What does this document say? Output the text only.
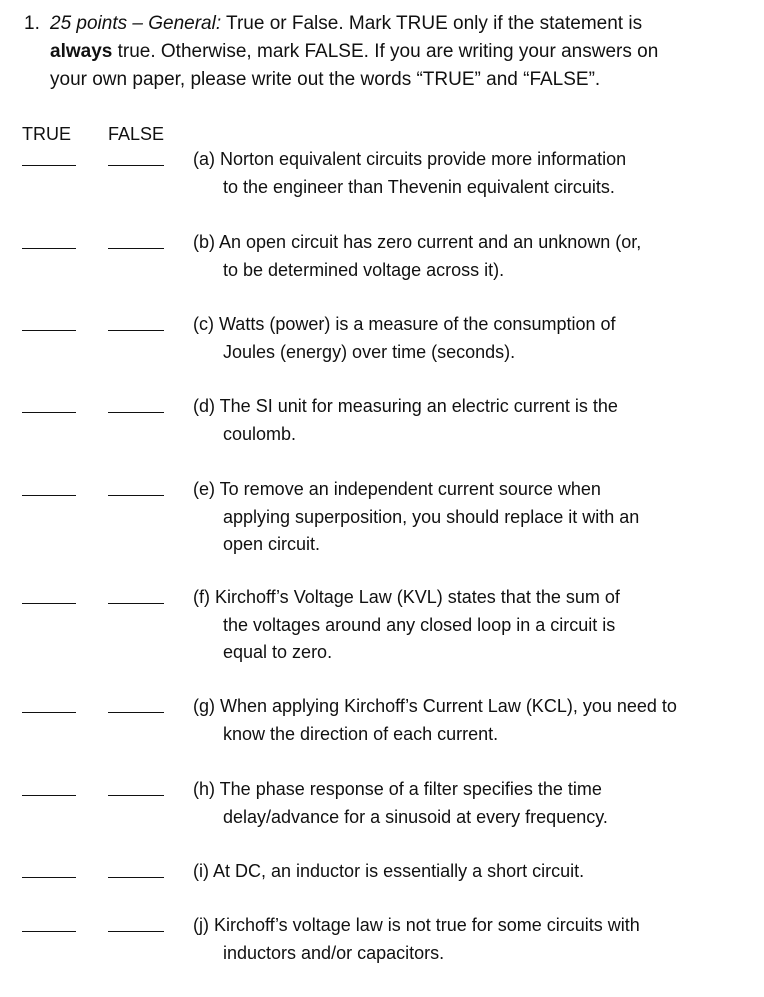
1. 25 points – General: True or False. Mark TRUE only if the statement is
always true. Otherwise, mark FALSE. If you are writing your answers on
your own paper, please write out the words “TRUE” and “FALSE”.
TRUE FALSE
(a) Norton equivalent circuits provide more information
to the engineer than Thevenin equivalent circuits.
(b) An open circuit has zero current and an unknown (or,
to be determined voltage across it).
(c) Watts (power) is a measure of the consumption of
Joules (energy) over time (seconds).
(d) The SI unit for measuring an electric current is the
coulomb.
(e) To remove an independent current source when
applying superposition, you should replace it with an
open circuit.
(f) Kirchoff’s Voltage Law (KVL) states that the sum of
the voltages around any closed loop in a circuit is
equal to zero.
(g) When applying Kirchoff’s Current Law (KCL), you need to
know the direction of each current.
(h) The phase response of a filter specifies the time
delay/advance for a sinusoid at every frequency.
(i) At DC, an inductor is essentially a short circuit.
(j) Kirchoff’s voltage law is not true for some circuits with
inductors and/or capacitors.
